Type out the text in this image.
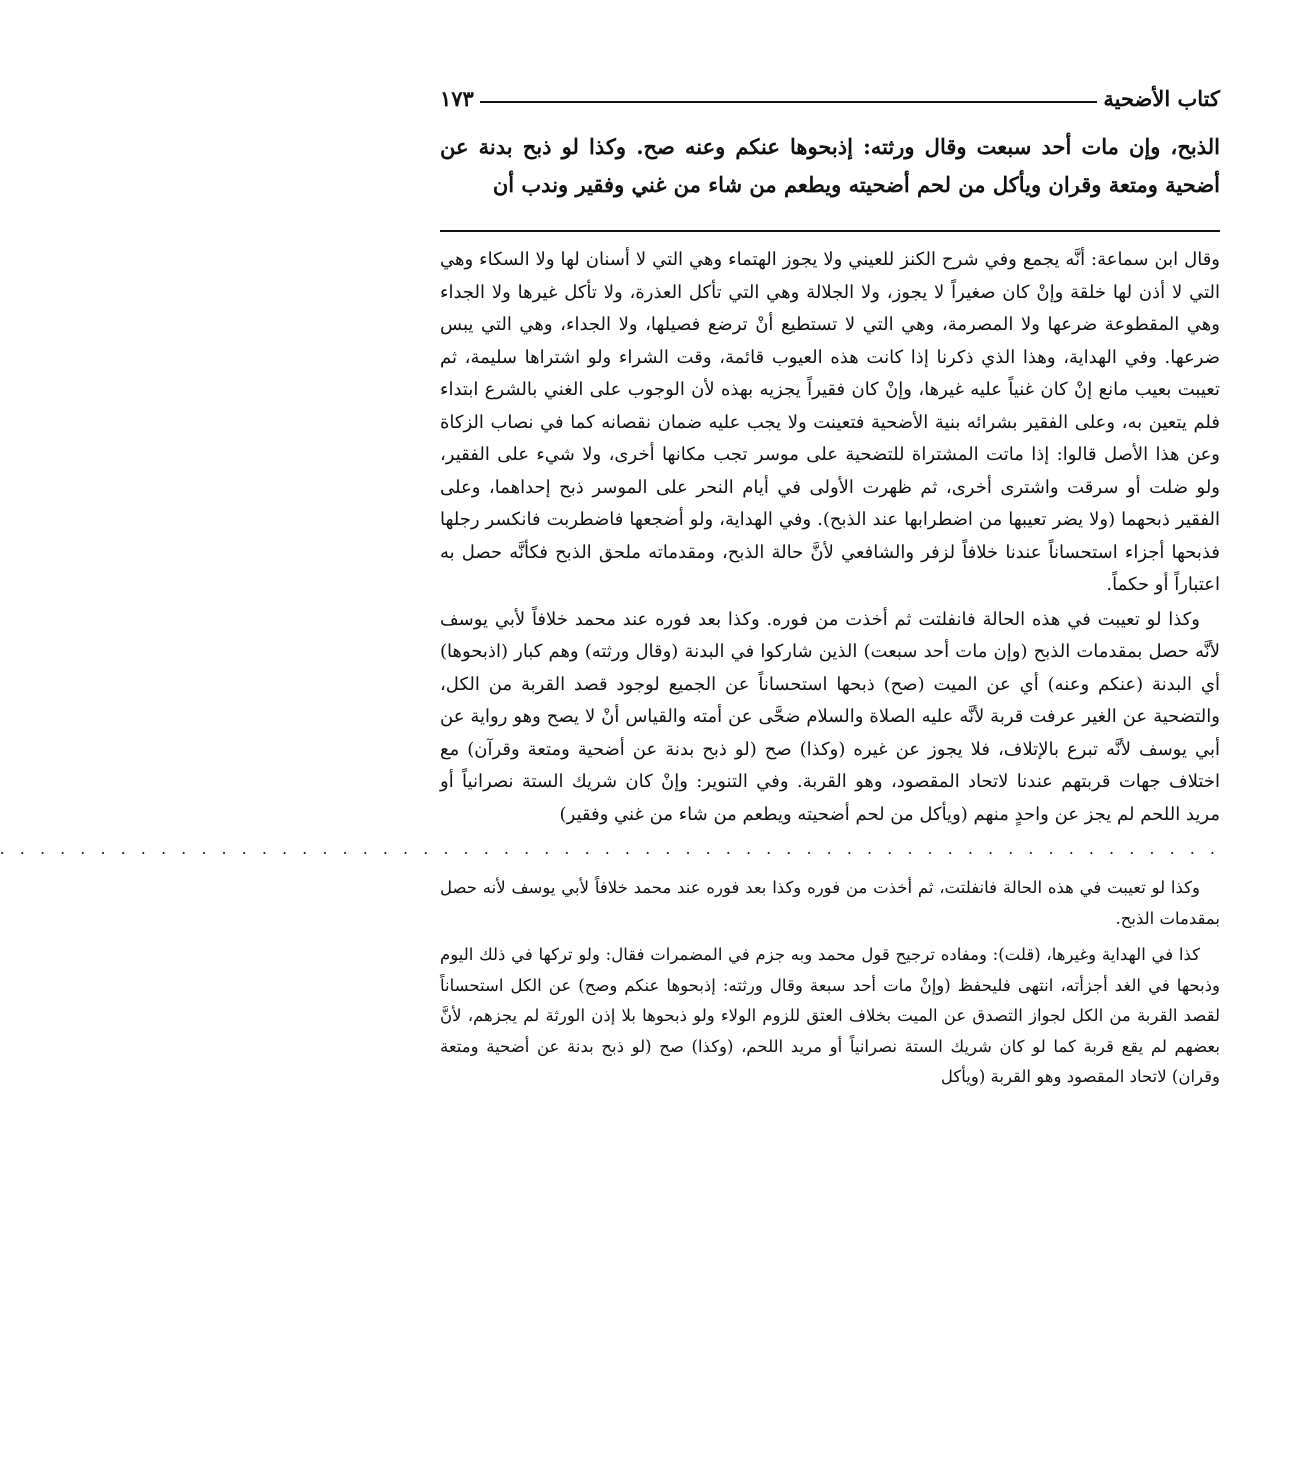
كتاب الأضحية
١٧٣

الذبح، وإن مات أحد سبعت وقال ورثته: إذبحوها عنكم وعنه صح. وكذا لو ذبح بدنة عن أضحية ومتعة وقران ويأكل من لحم أضحيته ويطعم من شاء من غني وفقير وندب أن

وقال ابن سماعة: أنَّه يجمع وفي شرح الكنز للعيني ولا يجوز الهتماء وهي التي لا أسنان لها ولا السكاء وهي التي لا أذن لها خلقة وإنْ كان صغيراً لا يجوز، ولا الجلالة وهي التي تأكل العذرة، ولا تأكل غيرها ولا الجداء وهي المقطوعة ضرعها ولا المصرمة، وهي التي لا تستطيع أنْ ترضع فصيلها، ولا الجداء، وهي التي يبس ضرعها. وفي الهداية، وهذا الذي ذكرنا إذا كانت هذه العيوب قائمة، وقت الشراء ولو اشتراها سليمة، ثم تعيبت بعيب مانع إنْ كان غنياً عليه غيرها، وإنْ كان فقيراً يجزيه بهذه لأن الوجوب على الغني بالشرع ابتداء فلم يتعين به، وعلى الفقير بشرائه بنية الأضحية فتعينت ولا يجب عليه ضمان نقصانه كما في نصاب الزكاة وعن هذا الأصل قالوا: إذا ماتت المشتراة للتضحية على موسر تجب مكانها أخرى، ولا شيء على الفقير، ولو ضلت أو سرقت واشترى أخرى، ثم ظهرت الأولى في أيام النحر على الموسر ذبح إحداهما، وعلى الفقير ذبحهما (ولا يضر تعيبها من اضطرابها عند الذبح). وفي الهداية، ولو أضجعها فاضطربت فانكسر رجلها فذبحها أجزاء استحساناً عندنا خلافاً لزفر والشافعي لأنَّ حالة الذبح، ومقدماته ملحق الذبح فكأنَّه حصل به اعتباراً أو حكماً.

وكذا لو تعيبت في هذه الحالة فانفلتت ثم أخذت من فوره. وكذا بعد فوره عند محمد خلافاً لأبي يوسف لأنَّه حصل بمقدمات الذبح (وإن مات أحد سبعت) الذين شاركوا في البدنة (وقال ورثته) وهم كبار (اذبحوها) أي البدنة (عنكم وعنه) أي عن الميت (صح) ذبحها استحساناً عن الجميع لوجود قصد القربة من الكل، والتضحية عن الغير عرفت قربة لأنَّه عليه الصلاة والسلام ضحَّى عن أمته والقياس أنْ لا يصح وهو رواية عن أبي يوسف لأنَّه تبرع بالإتلاف، فلا يجوز عن غيره (وكذا) صح (لو ذبح بدنة عن أضحية ومتعة وقرآن) مع اختلاف جهات قربتهم عندنا لاتحاد المقصود، وهو القربة. وفي التنوير: وإنْ كان شريك الستة نصرانياً أو مريد اللحم لم يجز عن واحدٍ منهم (ويأكل من لحم أضحيته ويطعم من شاء من غني وفقير)

. . . . . . . . . . . . . . . . . . . . . . . . . . . . . . . . . . . . . . . . . . . . . . . . . . . . . . . . . . . . .

وكذا لو تعيبت في هذه الحالة فانفلتت، ثم أخذت من فوره وكذا بعد فوره عند محمد خلافاً لأبي يوسف لأنه حصل بمقدمات الذبح.

كذا في الهداية وغيرها، (قلت): ومفاده ترجيح قول محمد وبه جزم في المضمرات فقال: ولو تركها في ذلك اليوم وذبحها في الغد أجزأته، انتهى فليحفظ (وإنْ مات أحد سبعة وقال ورثته: إذبحوها عنكم وصح) عن الكل استحساناً لقصد القربة من الكل لجواز التصدق عن الميت بخلاف العتق للزوم الولاء ولو ذبحوها بلا إذن الورثة لم يجزهم، لأنَّ بعضهم لم يقع قربة كما لو كان شريك الستة نصرانياً أو مريد اللحم، (وكذا) صح (لو ذبح بدنة عن أضحية ومتعة وقران) لاتحاد المقصود وهو القربة (ويأكل
